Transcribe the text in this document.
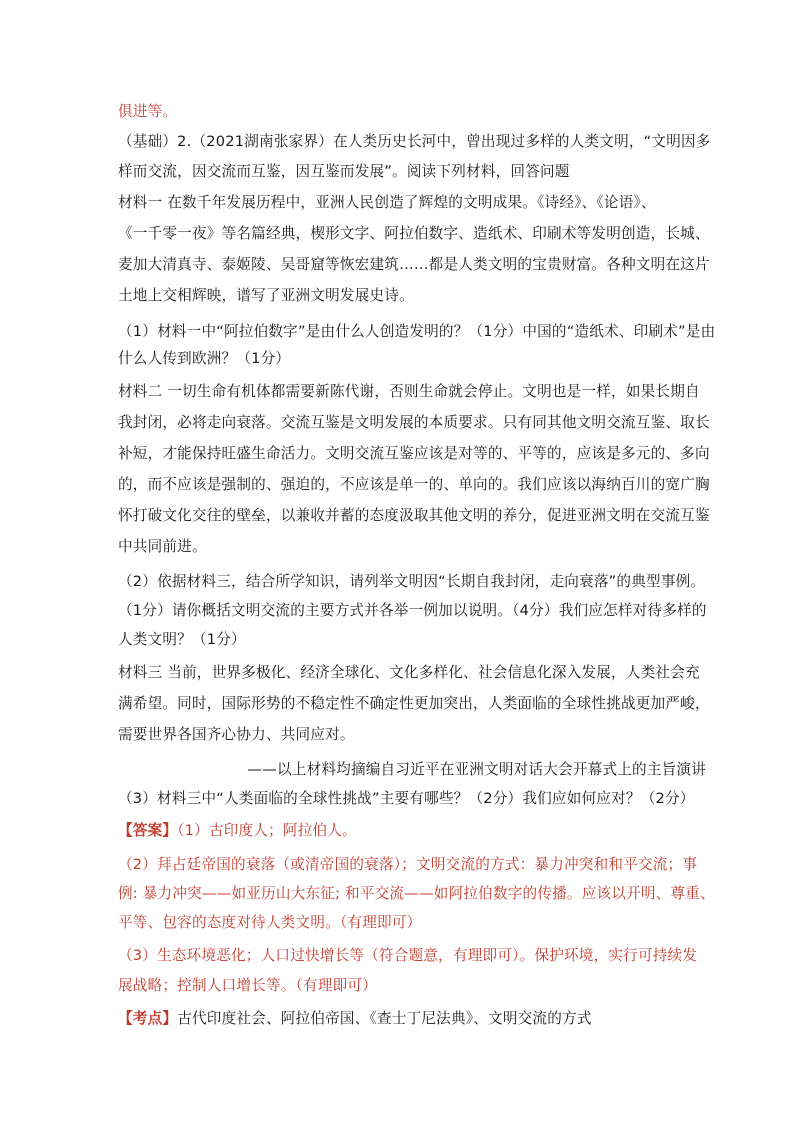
俱进等。
（基础）2.（2021湖南张家界）在人类历史长河中，曾出现过多样的人类文明，“文明因多
样而交流，因交流而互鉴，因互鉴而发展”。阅读下列材料，回答问题
材料一 在数千年发展历程中，亚洲人民创造了辉煌的文明成果。《诗经》、《论语》、
《一千零一夜》等名篇经典，楔形文字、阿拉伯数字、造纸术、印刷术等发明创造，长城、
麦加大清真寺、泰姬陵、吴哥窟等恢宏建筑……都是人类文明的宝贵财富。各种文明在这片
土地上交相辉映，谱写了亚洲文明发展史诗。
（1）材料一中“阿拉伯数字”是由什么人创造发明的？（1分）中国的“造纸术、印刷术”是由
什么人传到欧洲？（1分）
材料二 一切生命有机体都需要新陈代谢，否则生命就会停止。文明也是一样，如果长期自
我封闭，必将走向衰落。交流互鉴是文明发展的本质要求。只有同其他文明交流互鉴、取长
补短，才能保持旺盛生命活力。文明交流互鉴应该是对等的、平等的，应该是多元的、多向
的，而不应该是强制的、强迫的，不应该是单一的、单向的。我们应该以海纳百川的宽广胸
怀打破文化交往的壁垒，以兼收并蓄的态度汲取其他文明的养分，促进亚洲文明在交流互鉴
中共同前进。
（2）依据材料三，结合所学知识，请列举文明因“长期自我封闭，走向衰落”的典型事例。
（1分）请你概括文明交流的主要方式并各举一例加以说明。（4分）我们应怎样对待多样的
人类文明？（1分）
材料三 当前，世界多极化、经济全球化、文化多样化、社会信息化深入发展，人类社会充
满希望。同时，国际形势的不稳定性不确定性更加突出，人类面临的全球性挑战更加严峻，
需要世界各国齐心协力、共同应对。
——以上材料均摘编自习近平在亚洲文明对话大会开幕式上的主旨演讲
（3）材料三中“人类面临的全球性挑战”主要有哪些？（2分）我们应如何应对？（2分）
【答案】（1）古印度人；阿拉伯人。
（2）拜占廷帝国的衰落（或清帝国的衰落）；文明交流的方式：暴力冲突和和平交流；事
例: 暴力冲突——如亚历山大东征; 和平交流——如阿拉伯数字的传播。应该以开明、尊重、
平等、包容的态度对待人类文明。（有理即可）
（3）生态环境恶化；人口过快增长等（符合题意，有理即可）。保护环境，实行可持续发
展战略；控制人口增长等。（有理即可）
【考点】古代印度社会、阿拉伯帝国、《查士丁尼法典》、文明交流的方式
